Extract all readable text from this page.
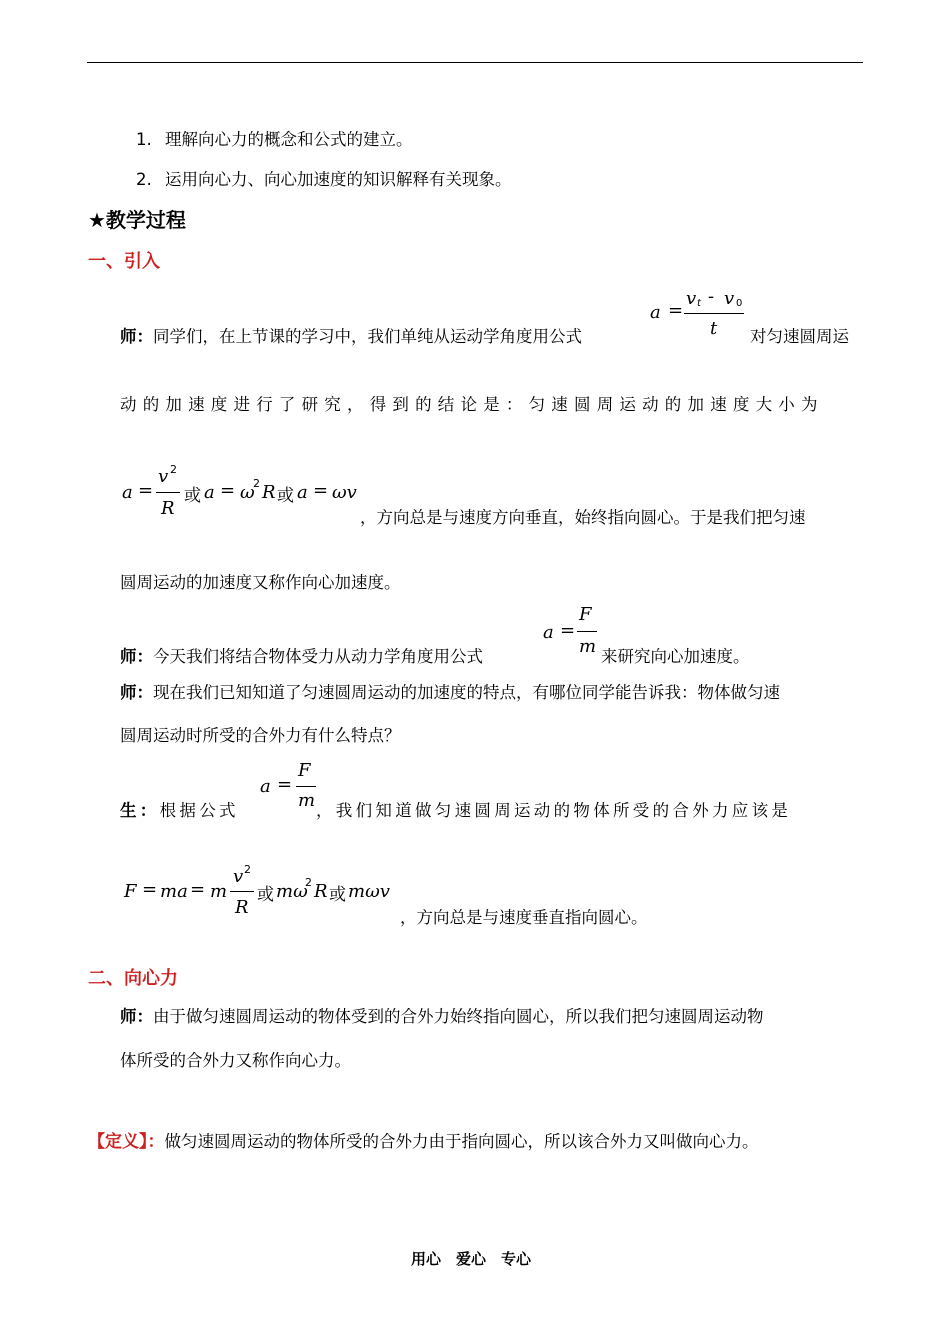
1. 理解向心力的概念和公式的建立。
2. 运用向心力、向心加速度的知识解释有关现象。
★教学过程
一、引入
师：同学们，在上节课的学习中，我们单纯从运动学角度用公式
a =
v t - v 0
t 对匀速圆周运
动的加速度进行了研究，得到的结论是：匀速圆周运动的加速度大小为
a =
v 2
R
或 a = ω
2 R 或 a = ωv
，方向总是与速度方向垂直，始终指向圆心。于是我们把匀速
圆周运动的加速度又称作向心加速度。
师：今天我们将结合物体受力从动力学角度用公式
a =
F
m 来研究向心加速度。
师：现在我们已知知道了匀速圆周运动的加速度的特点，有哪位同学能告诉我：物体做匀速
圆周运动时所受的合外力有什么特点？
生：根据公式
a =
F
m ，我们知道做匀速圆周运动的物体所受的合外力应该是
F = ma = m
v 2
R
或 mω
2 R 或 mωv
，方向总是与速度垂直指向圆心。
二、向心力
师：由于做匀速圆周运动的物体受到的合外力始终指向圆心，所以我们把匀速圆周运动物
体所受的合外力又称作向心力。
【定义】：做匀速圆周运动的物体所受的合外力由于指向圆心，所以该合外力又叫做向心力。
用心　爱心　专心
